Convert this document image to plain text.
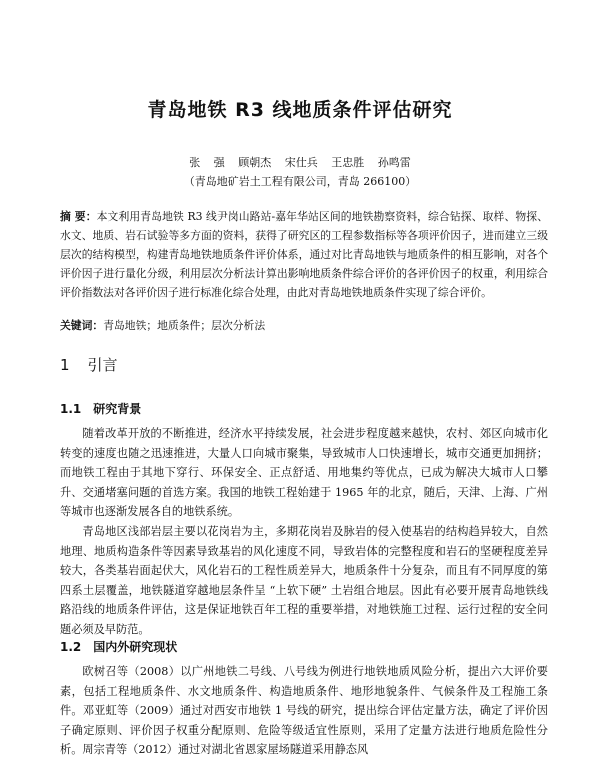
青岛地铁 R3 线地质条件评估研究
张 强 顾朝杰 宋仕兵 王忠胜 孙鸣雷
（青岛地矿岩土工程有限公司，青岛 266100）
摘 要：本文利用青岛地铁 R3 线尹岗山路站-嘉年华站区间的地铁勘察资料，综合钻探、取样、物探、水文、地质、岩石试验等多方面的资料，获得了研究区的工程参数指标等各项评价因子，进而建立三级层次的结构模型，构建青岛地铁地质条件评价体系，通过对比青岛地铁与地质条件的相互影响，对各个评价因子进行量化分级，利用层次分析法计算出影响地质条件综合评价的各评价因子的权重，利用综合评价指数法对各评价因子进行标准化综合处理，由此对青岛地铁地质条件实现了综合评价。
关键词：青岛地铁；地质条件；层次分析法
1 引言
1.1 研究背景
随着改革开放的不断推进，经济水平持续发展，社会进步程度越来越快，农村、郊区向城市化转变的速度也随之迅速推进，大量人口向城市聚集，导致城市人口快速增长，城市交通更加拥挤；而地铁工程由于其地下穿行、环保安全、正点舒适、用地集约等优点，已成为解决大城市人口攀升、交通堵塞问题的首选方案。我国的地铁工程始建于 1965 年的北京，随后，天津、上海、广州等城市也逐渐发展各自的地铁系统。
青岛地区浅部岩层主要以花岗岩为主，多期花岗岩及脉岩的侵入使基岩的结构趋异较大，自然地理、地质构造条件等因素导致基岩的风化速度不同，导致岩体的完整程度和岩石的坚硬程度差异较大，各类基岩面起伏大，风化岩石的工程性质差异大，地质条件十分复杂，而且有不同厚度的第四系土层覆盖，地铁隧道穿越地层条件呈 “上软下硬” 土岩组合地层。因此有必要开展青岛地铁线路沿线的地质条件评估，这是保证地铁百年工程的重要举措，对地铁施工过程、运行过程的安全问题必须及早防范。
1.2 国内外研究现状
欧树召等（2008）以广州地铁二号线、八号线为例进行地铁地质风险分析，提出六大评价要素，包括工程地质条件、水文地质条件、构造地质条件、地形地貌条件、气候条件及工程施工条件。邓亚虹等（2009）通过对西安市地铁 1 号线的研究，提出综合评估定量方法，确定了评价因子确定原则、评价因子权重分配原则、危险等级适宜性原则，采用了定量方法进行地质危险性分析。周宗青等（2012）通过对湖北省恩家屋场隧道采用静态风
